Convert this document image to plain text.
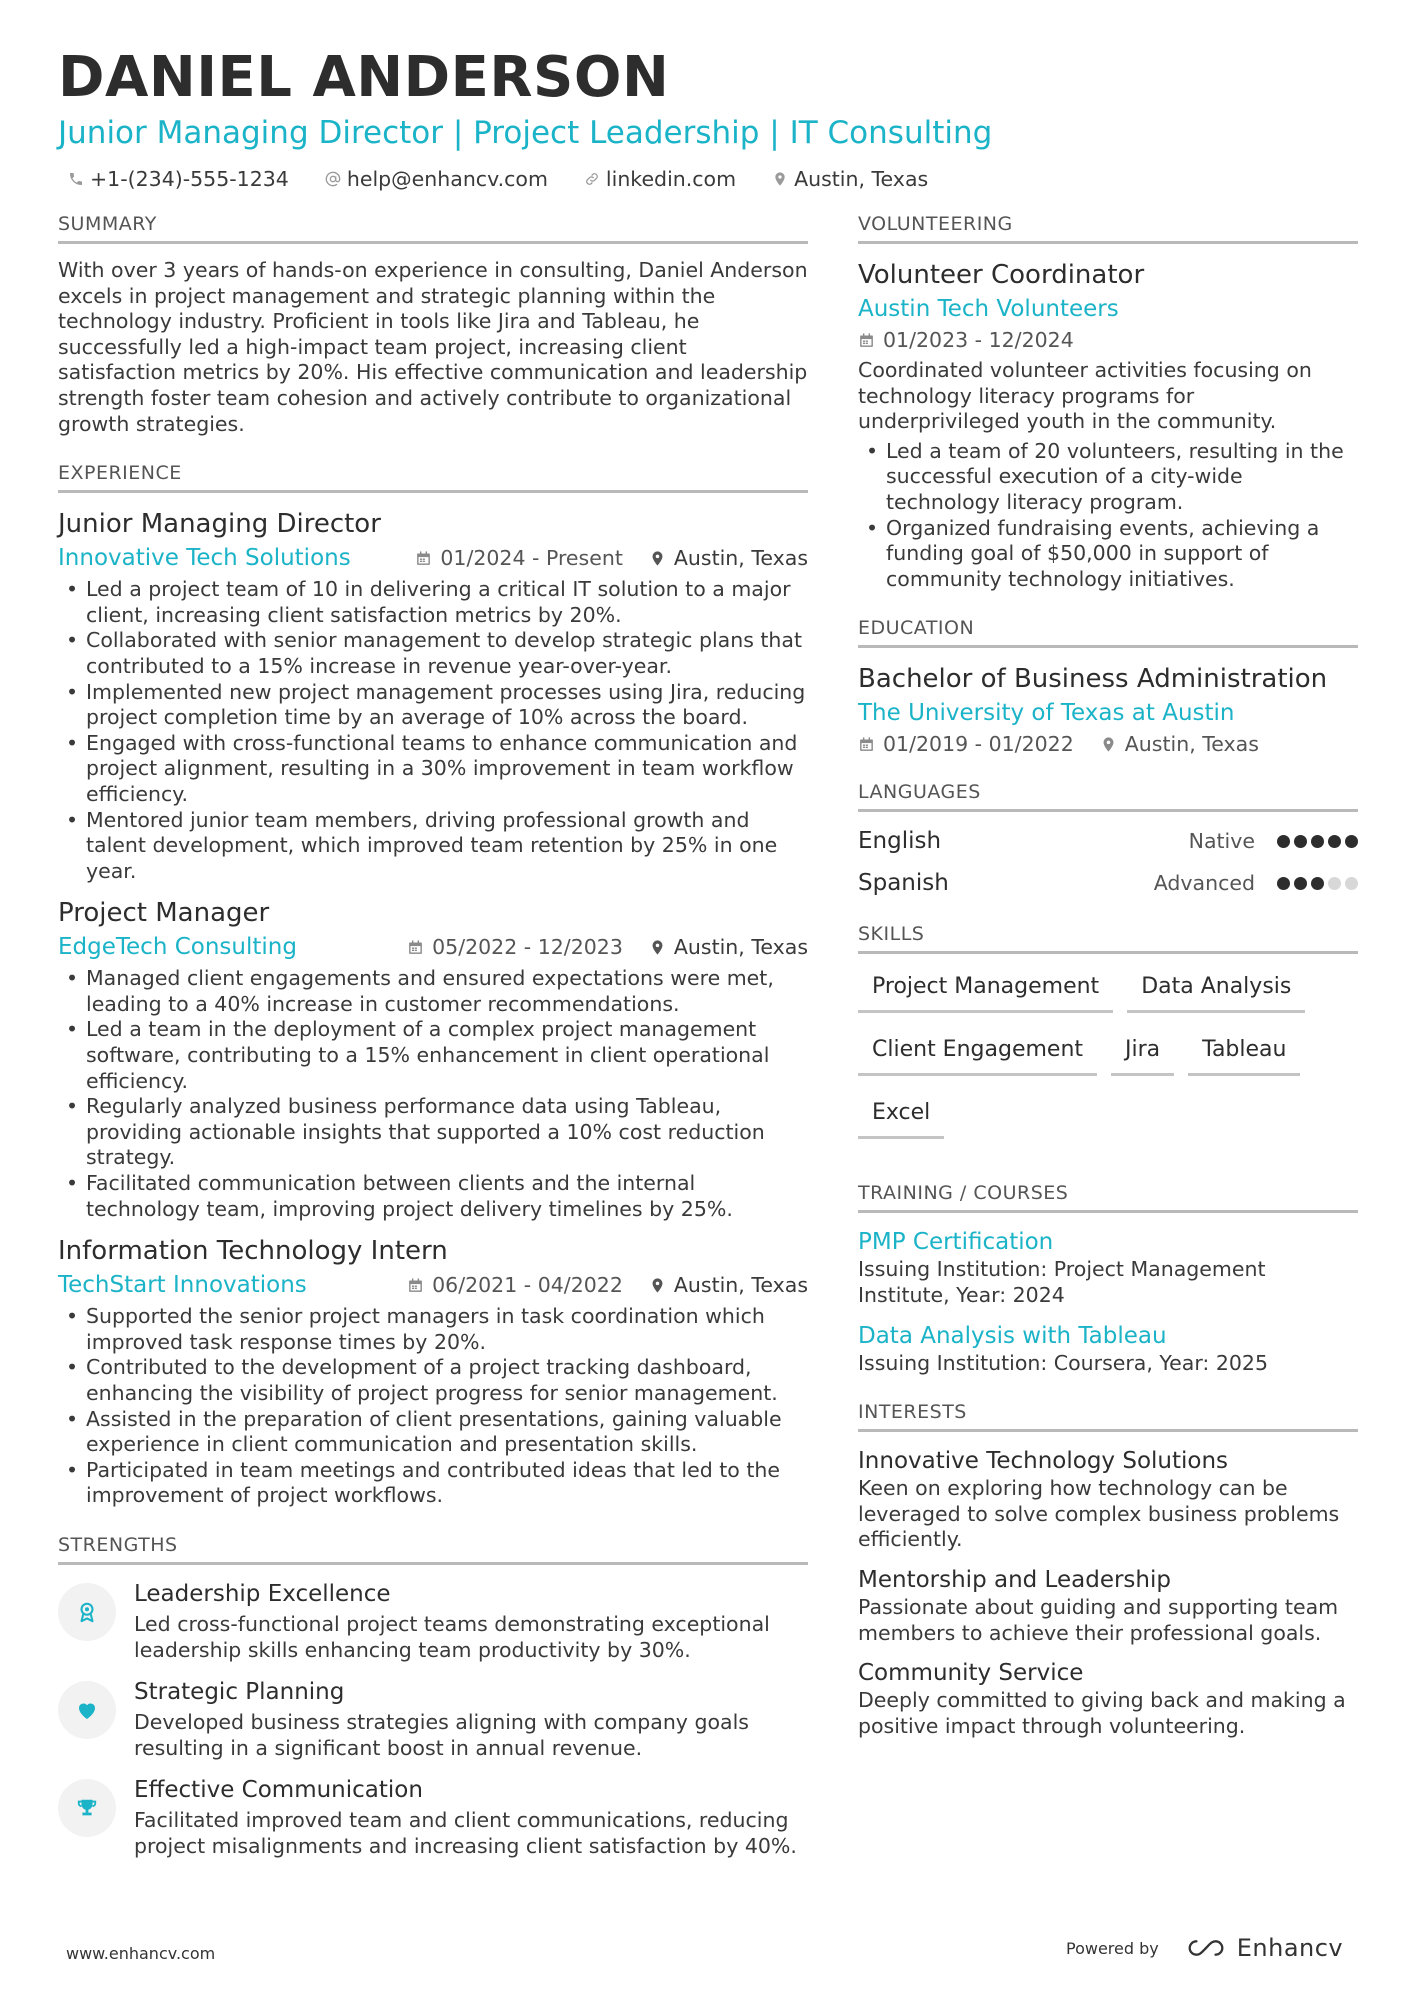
DANIEL ANDERSON
Junior Managing Director | Project Leadership | IT Consulting
+1-(234)-555-1234	help@enhancv.com	linkedin.com	Austin, Texas
SUMMARY
With over 3 years of hands-on experience in consulting, Daniel Anderson excels in project management and strategic planning within the technology industry. Proficient in tools like Jira and Tableau, he successfully led a high-impact team project, increasing client satisfaction metrics by 20%. His effective communication and leadership strength foster team cohesion and actively contribute to organizational growth strategies.
EXPERIENCE
Junior Managing Director
Innovative Tech Solutions	01/2024 - Present Austin, Texas
• Led a project team of 10 in delivering a critical IT solution to a major client, increasing client satisfaction metrics by 20%.
• Collaborated with senior management to develop strategic plans that contributed to a 15% increase in revenue year-over-year.
• Implemented new project management processes using Jira, reducing project completion time by an average of 10% across the board.
• Engaged with cross-functional teams to enhance communication and project alignment, resulting in a 30% improvement in team workflow efficiency.
• Mentored junior team members, driving professional growth and talent development, which improved team retention by 25% in one year.
Project Manager
EdgeTech Consulting	05/2022 - 12/2023 Austin, Texas
• Managed client engagements and ensured expectations were met, leading to a 40% increase in customer recommendations.
• Led a team in the deployment of a complex project management software, contributing to a 15% enhancement in client operational efficiency.
• Regularly analyzed business performance data using Tableau, providing actionable insights that supported a 10% cost reduction strategy.
• Facilitated communication between clients and the internal technology team, improving project delivery timelines by 25%.
Information Technology Intern
TechStart Innovations	06/2021 - 04/2022 Austin, Texas
• Supported the senior project managers in task coordination which improved task response times by 20%.
• Contributed to the development of a project tracking dashboard, enhancing the visibility of project progress for senior management.
• Assisted in the preparation of client presentations, gaining valuable experience in client communication and presentation skills.
• Participated in team meetings and contributed ideas that led to the improvement of project workflows.
STRENGTHS
Leadership Excellence
Led cross-functional project teams demonstrating exceptional leadership skills enhancing team productivity by 30%.
Strategic Planning
Developed business strategies aligning with company goals resulting in a significant boost in annual revenue.
Effective Communication
Facilitated improved team and client communications, reducing project misalignments and increasing client satisfaction by 40%.
VOLUNTEERING
Volunteer Coordinator
Austin Tech Volunteers
01/2023 - 12/2024
Coordinated volunteer activities focusing on technology literacy programs for underprivileged youth in the community.
• Led a team of 20 volunteers, resulting in the successful execution of a city-wide technology literacy program.
• Organized fundraising events, achieving a funding goal of $50,000 in support of community technology initiatives.
EDUCATION
Bachelor of Business Administration
The University of Texas at Austin
01/2019 - 01/2022 Austin, Texas
LANGUAGES
English	Native
Spanish	Advanced
SKILLS
Project Management	Data Analysis
Client Engagement	Jira	Tableau
Excel
TRAINING / COURSES
PMP Certification
Issuing Institution: Project Management Institute, Year: 2024
Data Analysis with Tableau
Issuing Institution: Coursera, Year: 2025
INTERESTS
Innovative Technology Solutions
Keen on exploring how technology can be leveraged to solve complex business problems efficiently.
Mentorship and Leadership
Passionate about guiding and supporting team members to achieve their professional goals.
Community Service
Deeply committed to giving back and making a positive impact through volunteering.
www.enhancv.com	Powered by	Enhancv
